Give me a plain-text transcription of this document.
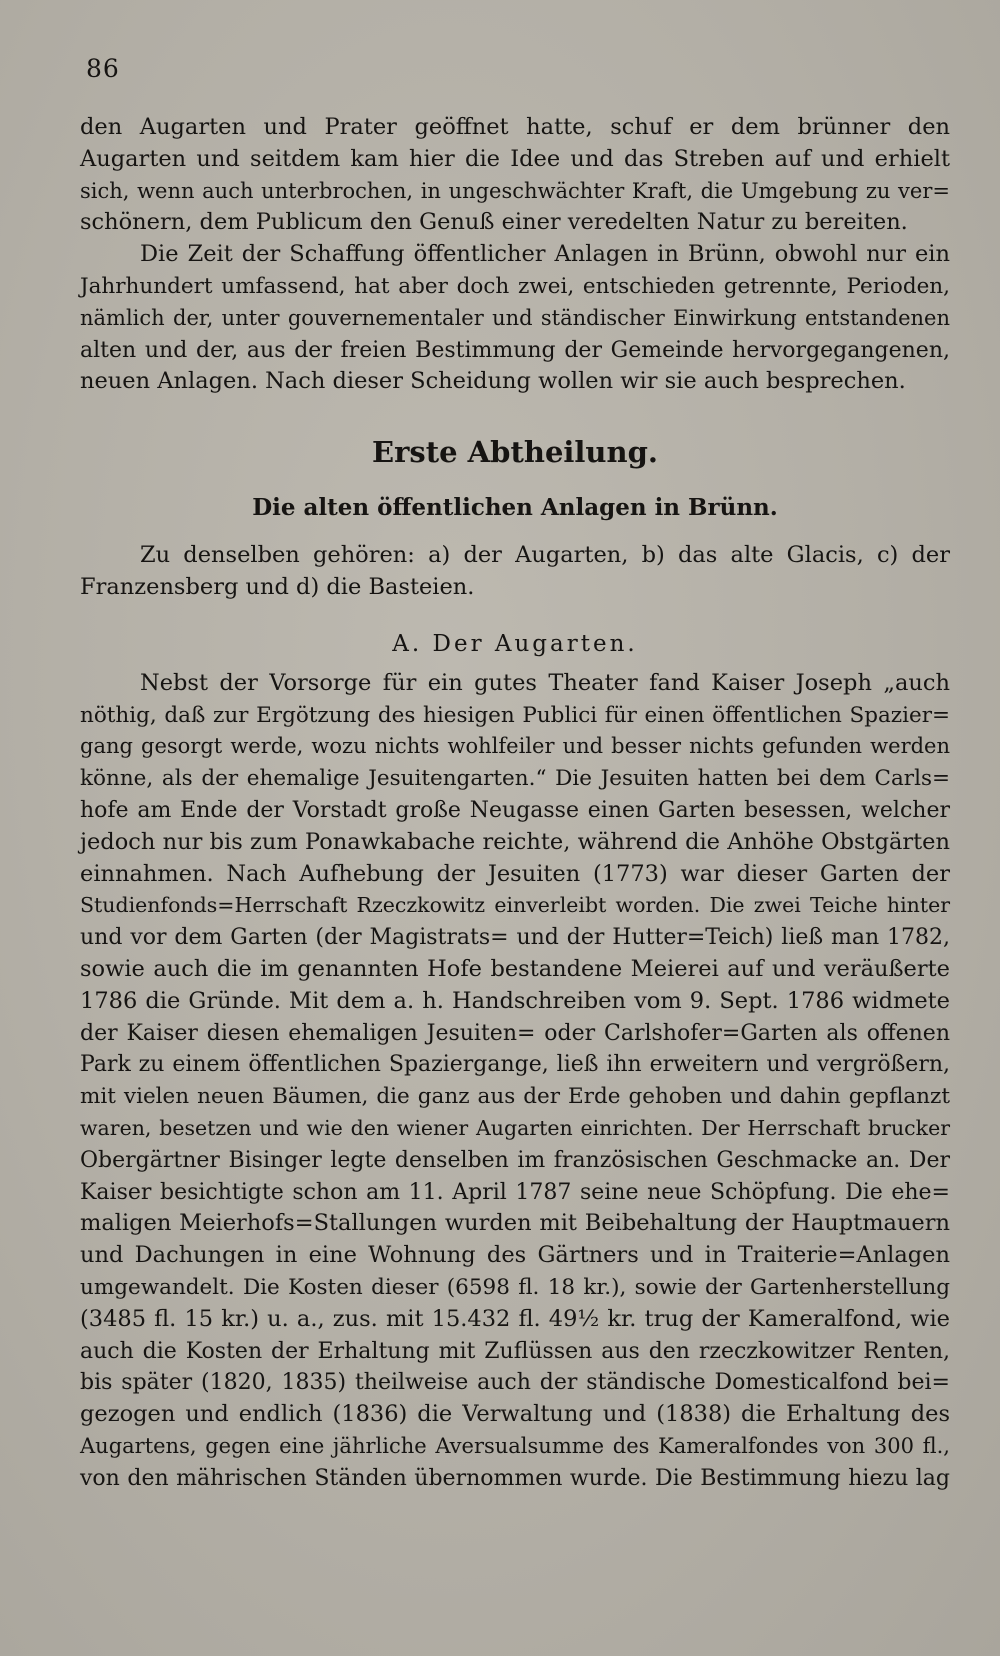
86
den Augarten und Prater geöffnet hatte, schuf er dem brünner den
Augarten und seitdem kam hier die Idee und das Streben auf und erhielt
sich, wenn auch unterbrochen, in ungeschwächter Kraft, die Umgebung zu ver=
schönern, dem Publicum den Genuß einer veredelten Natur zu bereiten.
Die Zeit der Schaffung öffentlicher Anlagen in Brünn, obwohl nur ein
Jahrhundert umfassend, hat aber doch zwei, entschieden getrennte, Perioden,
nämlich der, unter gouvernementaler und ständischer Einwirkung entstandenen
alten und der, aus der freien Bestimmung der Gemeinde hervorgegangenen,
neuen Anlagen. Nach dieser Scheidung wollen wir sie auch besprechen.
Erste Abtheilung.
Die alten öffentlichen Anlagen in Brünn.
Zu denselben gehören: a) der Augarten, b) das alte Glacis, c) der
Franzensberg und d) die Basteien.
A. Der Augarten.
Nebst der Vorsorge für ein gutes Theater fand Kaiser Joseph „auch
nöthig, daß zur Ergötzung des hiesigen Publici für einen öffentlichen Spazier=
gang gesorgt werde, wozu nichts wohlfeiler und besser nichts gefunden werden
könne, als der ehemalige Jesuitengarten.“ Die Jesuiten hatten bei dem Carls=
hofe am Ende der Vorstadt große Neugasse einen Garten besessen, welcher
jedoch nur bis zum Ponawkabache reichte, während die Anhöhe Obstgärten
einnahmen. Nach Aufhebung der Jesuiten (1773) war dieser Garten der
Studienfonds=Herrschaft Rzeczkowitz einverleibt worden. Die zwei Teiche hinter
und vor dem Garten (der Magistrats= und der Hutter=Teich) ließ man 1782,
sowie auch die im genannten Hofe bestandene Meierei auf und veräußerte
1786 die Gründe. Mit dem a. h. Handschreiben vom 9. Sept. 1786 widmete
der Kaiser diesen ehemaligen Jesuiten= oder Carlshofer=Garten als offenen
Park zu einem öffentlichen Spaziergange, ließ ihn erweitern und vergrößern,
mit vielen neuen Bäumen, die ganz aus der Erde gehoben und dahin gepflanzt
waren, besetzen und wie den wiener Augarten einrichten. Der Herrschaft brucker
Obergärtner Bisinger legte denselben im französischen Geschmacke an. Der
Kaiser besichtigte schon am 11. April 1787 seine neue Schöpfung. Die ehe=
maligen Meierhofs=Stallungen wurden mit Beibehaltung der Hauptmauern
und Dachungen in eine Wohnung des Gärtners und in Traiterie=Anlagen
umgewandelt. Die Kosten dieser (6598 fl. 18 kr.), sowie der Gartenherstellung
(3485 fl. 15 kr.) u. a., zus. mit 15.432 fl. 49½ kr. trug der Kameralfond, wie
auch die Kosten der Erhaltung mit Zuflüssen aus den rzeczkowitzer Renten,
bis später (1820, 1835) theilweise auch der ständische Domesticalfond bei=
gezogen und endlich (1836) die Verwaltung und (1838) die Erhaltung des
Augartens, gegen eine jährliche Aversualsumme des Kameralfondes von 300 fl.,
von den mährischen Ständen übernommen wurde. Die Bestimmung hiezu lag
